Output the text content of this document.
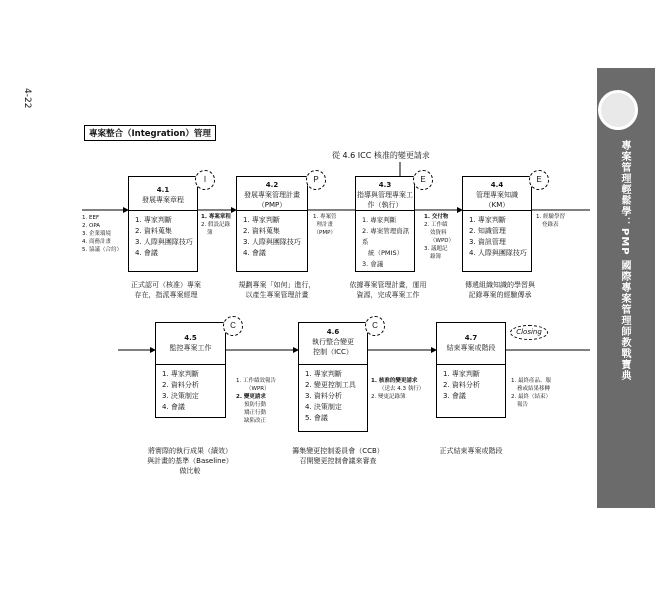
4-22
專案管理輕鬆學：PMP 國際專案管理師教戰寶典
專案整合（Integration）管理
從 4.6 ICC 核准的變更請求
1. EEF
2. OPA
3. 企業環境
4. 商務計畫
5. 協議（合約）
4.1
發展專案章程
1. 專家判斷
2. 資料蒐集
3. 人際與團隊技巧
4. 會議
I
正式認可（核准）專案
存在，指派專案經理
1. 專案章程
2. 假設記錄
簿
4.2
發展專案管理計畫
（PMP）
1. 專家判斷
2. 資料蒐集
3. 人際與團隊技巧
4. 會議
P
規劃專案「如何」進行，
以產生專案管理計畫
1. 專案管
理計畫
（PMP）
4.3
指導與管理專案工
作（執行）
1. 專家判斷
2. 專案管理資訊系
統（PMIS）
3. 會議
E
依據專案管理計畫，運用
資源，完成專案工作
1. 交付物
2. 工作績
效資料
（WPD）
3. 議題記
錄簿
4.4
管理專案知識
（KM）
1. 專家判斷
2. 知識管理
3. 資訊管理
4. 人際與團隊技巧
E
傳遞組織知識的學習與
記錄專案的經驗傳承
1. 經驗學習
登錄表
4.5
監控專案工作
1. 專家判斷
2. 資料分析
3. 決策制定
4. 會議
C
將實際的執行成果（績效）
與計畫的基準（Baseline）
做比較
1. 工作績效報告
（WPR）
2. 變更請求
預防行動
矯正行動
缺陷改正
4.6
執行整合變更
控制（ICC）
1. 專家判斷
2. 變更控制工具
3. 資料分析
4. 決策制定
5. 會議
C
籌集變更控制委員會（CCB）
召開變更控制會議來審查
1. 核准的變更請求
（送去 4.3 執行）
2. 變更記錄簿
4.7
結束專案或階段
1. 專家判斷
2. 資料分析
3. 會議
Closing
正式結束專案或階段
1. 最終產品、服
務或結果移轉
2. 最終（結束）
報告
